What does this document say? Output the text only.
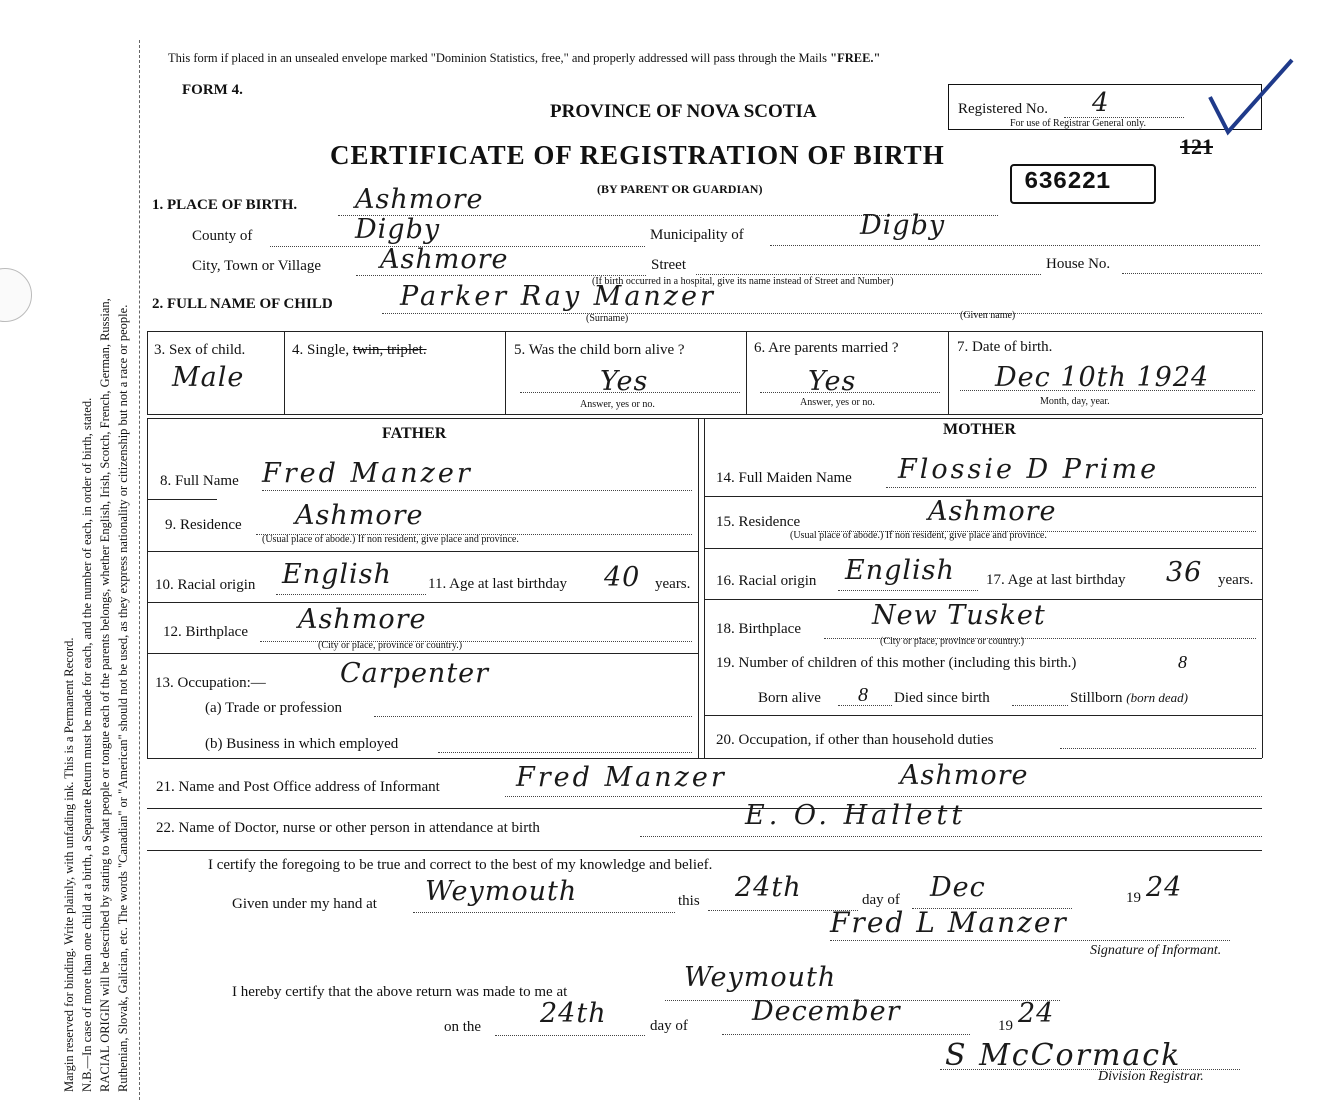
Margin reserved for binding. Write plainly, with unfading ink. This is a Permanent Record. N.B.—In case of more than one child at a birth, a Separate Return must be made for each, and the number of each, in order of birth, stated. RACIAL ORIGIN will be described by stating to what people or tongue each of the parents belongs, whether English, Irish, Scotch, French, German, Russian, Ruthenian, Slovak, Galician, etc. The words "Canadian" or "American" should not be used, as they express nationality or citizenship but not a race or people.
This form if placed in an unsealed envelope marked "Dominion Statistics, free," and properly addressed will pass through the Mails "FREE."
FORM 4.
PROVINCE OF NOVA SCOTIA
CERTIFICATE OF REGISTRATION OF BIRTH
(BY PARENT OR GUARDIAN)
Registered No. 4
For use of Registrar General only.
121
636221
1. PLACE OF BIRTH. Ashmore
County of	Digby	Municipality of	Digby
City, Town or Village Ashmore	Street	House No.
(If birth occurred in a hospital, give its name instead of Street and Number)
2. FULL NAME OF CHILD Parker Ray Manzer
(Surname)	(Given name)
3. Sex of child.
Male
4. Single, twin, triplet.	5. Was the child born alive ?
Yes
Answer, yes or no.
6. Are parents married ?
Yes
Answer, yes or no.
7. Date of birth.
Dec 10th 1924
Month, day, year.
FATHER	MOTHER
8. Full Name Fred Manzer
9. Residence Ashmore
(Usual place of abode.) If non resident, give place and province.
10. Racial origin English 11. Age at last birthday 40 years.
12. Birthplace Ashmore
(City or place, province or country.)
13. Occupation:—	Carpenter
(a) Trade or profession
(b) Business in which employed
14. Full Maiden Name Flossie D Prime
15. Residence	Ashmore
(Usual place of abode.) If non resident, give place and province.
16. Racial origin English 17. Age at last birthday 36 years.
18. Birthplace	New Tusket
(City or place, province or country.)
19. Number of children of this mother (including this birth.)	8
Born alive 8 Died since birth	Stillborn (born dead)
20. Occupation, if other than household duties
21. Name and Post Office address of Informant	Fred Manzer	Ashmore
22. Name of Doctor, nurse or other person in attendance at birth	E. O. Hallett
I certify the foregoing to be true and correct to the best of my knowledge and belief.
Given under my hand at Weymouth	this 24th	day of Dec	19 24
Fred L Manzer
Signature of Informant.
I hereby certify that the above return was made to me at	Weymouth
on the 24th	day of December	19 24
S McCormack
Division Registrar.
